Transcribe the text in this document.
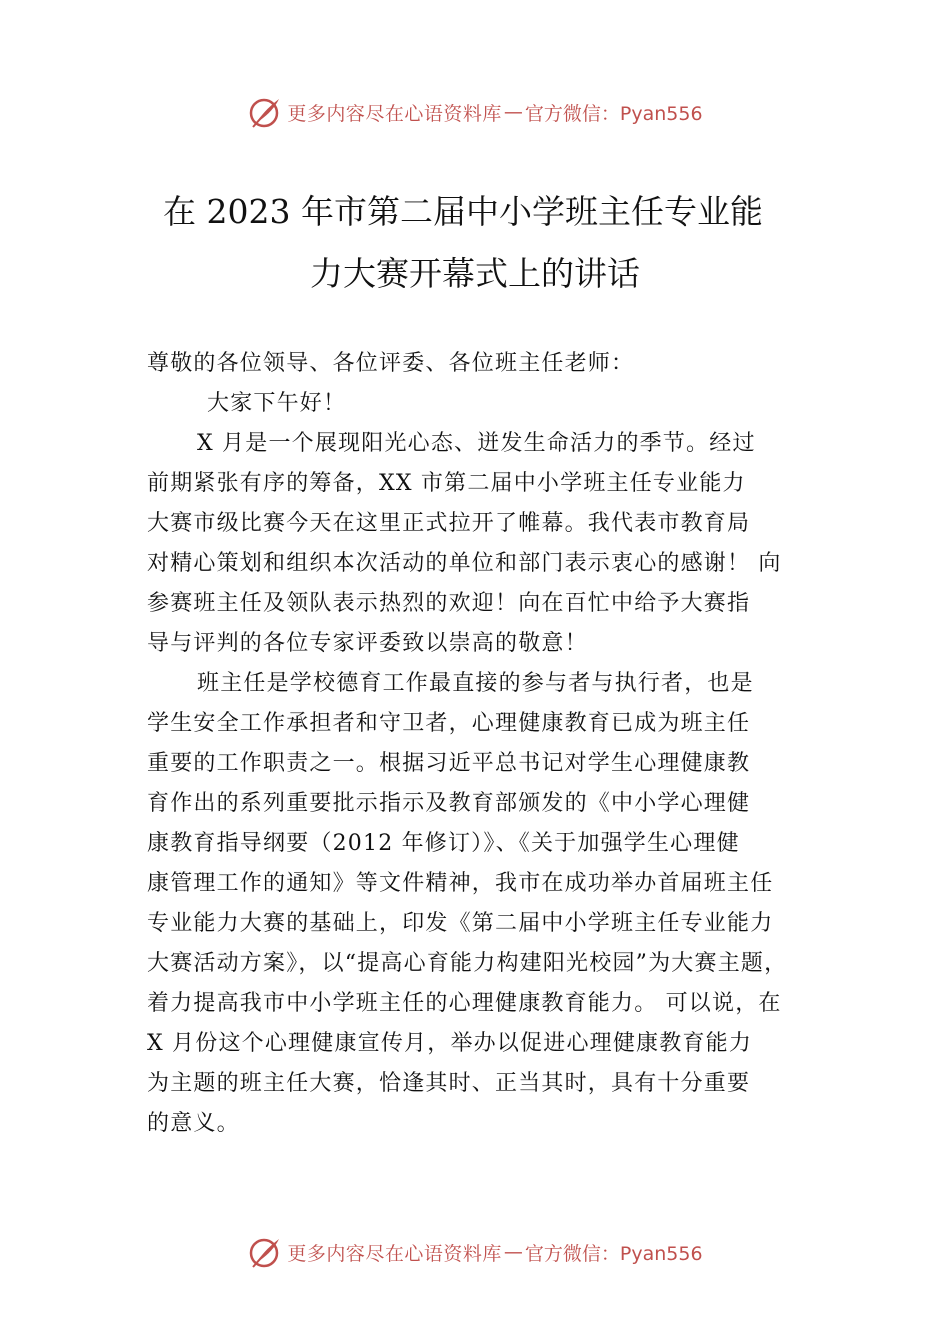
更多内容尽在心语资料库 — 官方微信：Pyan556
在 2023 年市第二届中小学班主任专业能
力大赛开幕式上的讲话
尊敬的各位领导、各位评委、各位班主任老师：
大家下午好！
X 月是一个展现阳光心态、迸发生命活力的季节。经过
前期紧张有序的筹备，XX 市第二届中小学班主任专业能力
大赛市级比赛今天在这里正式拉开了帷幕。我代表市教育局
对精心策划和组织本次活动的单位和部门表示衷心的感谢！ 向
参赛班主任及领队表示热烈的欢迎！向在百忙中给予大赛指
导与评判的各位专家评委致以崇高的敬意！
班主任是学校德育工作最直接的参与者与执行者，也是
学生安全工作承担者和守卫者，心理健康教育已成为班主任
重要的工作职责之一。根据习近平总书记对学生心理健康教
育作出的系列重要批示指示及教育部颁发的《中小学心理健
康教育指导纲要（2012 年修订）》、《关于加强学生心理健
康管理工作的通知》等文件精神，我市在成功举办首届班主任
专业能力大赛的基础上，印发《第二届中小学班主任专业能力
大赛活动方案》，以“提高心育能力构建阳光校园”为大赛主题，
着力提高我市中小学班主任的心理健康教育能力。 可以说，在
X 月份这个心理健康宣传月，举办以促进心理健康教育能力
为主题的班主任大赛，恰逢其时、正当其时，具有十分重要
的意义。
更多内容尽在心语资料库 — 官方微信：Pyan556
